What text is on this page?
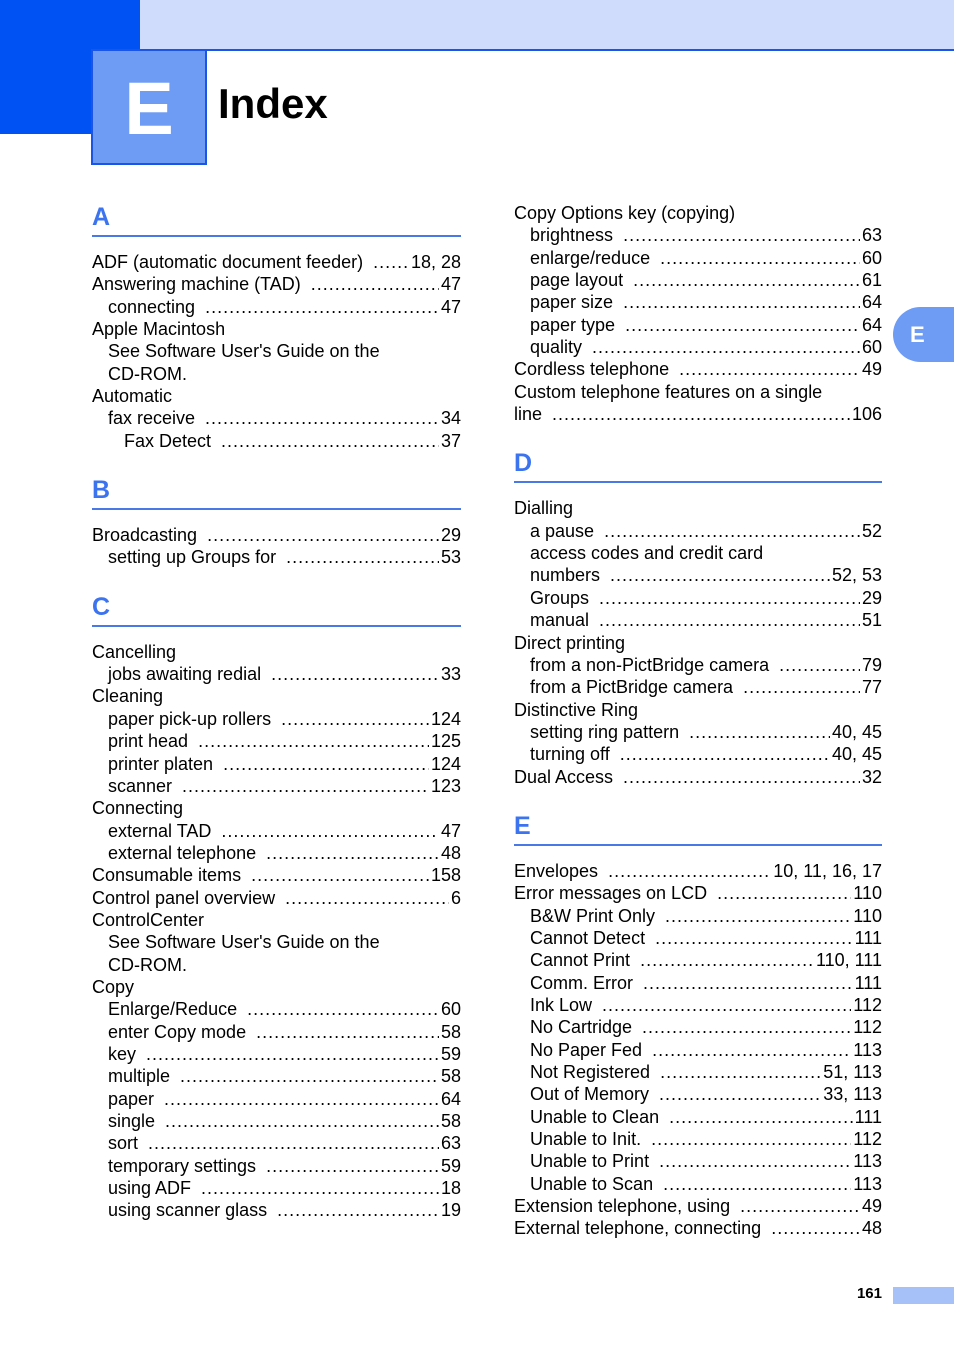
E	Index
E
A
ADF (automatic document feeder) .....	18, 28
Answering machine (TAD) .....	47
connecting .....	47
Apple Macintosh
See Software User's Guide on the
CD-ROM.
Automatic
fax receive .....	34
Fax Detect .....	37
B
Broadcasting .....	29
setting up Groups for .....	53
C
Cancelling
jobs awaiting redial .....	33
Cleaning
paper pick-up rollers .....	124
print head .....	125
printer platen .....	124
scanner .....	123
Connecting
external TAD .....	47
external telephone .....	48
Consumable items .....	158
Control panel overview .....	6
ControlCenter
See Software User's Guide on the
CD-ROM.
Copy
Enlarge/Reduce .....	60
enter Copy mode .....	58
key .....	59
multiple .....	58
paper .....	64
single .....	58
sort .....	63
temporary settings .....	59
using ADF .....	18
using scanner glass .....	19
Copy Options key (copying)
brightness .....	63
enlarge/reduce .....	60
page layout .....	61
paper size .....	64
paper type .....	64
quality .....	60
Cordless telephone .....	49
Custom telephone features on a single
line .....	106
D
Dialling
a pause .....	52
access codes and credit card
numbers .....	52, 53
Groups .....	29
manual .....	51
Direct printing
from a non-PictBridge camera .....	79
from a PictBridge camera .....	77
Distinctive Ring
setting ring pattern .....	40, 45
turning off .....	40, 45
Dual Access .....	32
E
Envelopes .....	10, 11, 16, 17
Error messages on LCD .....	110
B&W Print Only .....	110
Cannot Detect .....	111
Cannot Print .....	110, 111
Comm. Error .....	111
Ink Low .....	112
No Cartridge .....	112
No Paper Fed .....	113
Not Registered .....	51, 113
Out of Memory .....	33, 113
Unable to Clean .....	111
Unable to Init. .....	112
Unable to Print .....	113
Unable to Scan .....	113
Extension telephone, using .....	49
External telephone, connecting .....	48
161
